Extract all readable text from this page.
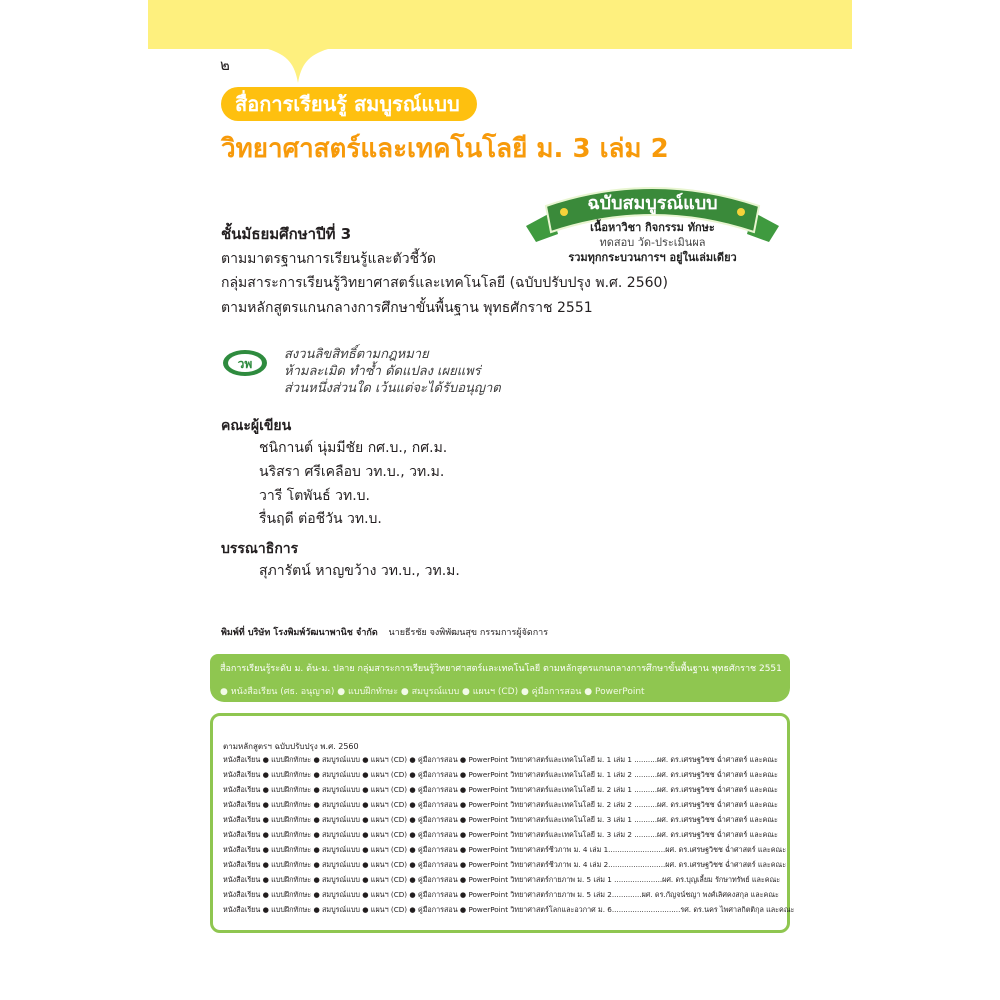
๒
สื่อการเรียนรู้ สมบูรณ์แบบ
วิทยาศาสตร์และเทคโนโลยี ม. 3 เล่ม 2
ฉบับสมบูรณ์แบบ
เนื้อหาวิชา กิจกรรม ทักษะ
ทดสอบ วัด-ประเมินผล
รวมทุกกระบวนการฯ อยู่ในเล่มเดียว
ชั้นมัธยมศึกษาปีที่ 3
ตามมาตรฐานการเรียนรู้และตัวชี้วัด
กลุ่มสาระการเรียนรู้วิทยาศาสตร์และเทคโนโลยี (ฉบับปรับปรุง พ.ศ. 2560)
ตามหลักสูตรแกนกลางการศึกษาขั้นพื้นฐาน พุทธศักราช 2551
วพ
สงวนลิขสิทธิ์ตามกฎหมาย
ห้ามละเมิด ทำซ้ำ ดัดแปลง เผยแพร่
ส่วนหนึ่งส่วนใด เว้นแต่จะได้รับอนุญาต
คณะผู้เขียน
ชนิกานต์ นุ่มมีชัย กศ.บ., กศ.ม.
นริสรา ศรีเคลือบ วท.บ., วท.ม.
วารี โตพันธ์ วท.บ.
รื่นฤดี ต่อชีวัน วท.บ.
บรรณาธิการ
สุภารัตน์ หาญขว้าง วท.บ., วท.ม.
พิมพ์ที่ บริษัท โรงพิมพ์วัฒนาพานิช จำกัด นายธีรชัย จงพิพัฒนสุข กรรมการผู้จัดการ
สื่อการเรียนรู้ระดับ ม. ต้น-ม. ปลาย กลุ่มสาระการเรียนรู้วิทยาศาสตร์และเทคโนโลยี ตามหลักสูตรแกนกลางการศึกษาขั้นพื้นฐาน พุทธศักราช 2551
● หนังสือเรียน (ศธ. อนุญาต) ● แบบฝึกทักษะ ● สมบูรณ์แบบ ● แผนฯ (CD) ● คู่มือการสอน ● PowerPoint
ตามหลักสูตรฯ ฉบับปรับปรุง พ.ศ. 2560
หนังสือเรียน ● แบบฝึกทักษะ ● สมบูรณ์แบบ ● แผนฯ (CD) ● คู่มือการสอน ● PowerPoint วิทยาศาสตร์และเทคโนโลยี ม. 1 เล่ม 1 ..........ผศ. ดร.เศรษฐวิชช ฉ่ำศาสตร์ และคณะ
หนังสือเรียน ● แบบฝึกทักษะ ● สมบูรณ์แบบ ● แผนฯ (CD) ● คู่มือการสอน ● PowerPoint วิทยาศาสตร์และเทคโนโลยี ม. 1 เล่ม 2 ..........ผศ. ดร.เศรษฐวิชช ฉ่ำศาสตร์ และคณะ
หนังสือเรียน ● แบบฝึกทักษะ ● สมบูรณ์แบบ ● แผนฯ (CD) ● คู่มือการสอน ● PowerPoint วิทยาศาสตร์และเทคโนโลยี ม. 2 เล่ม 1 ..........ผศ. ดร.เศรษฐวิชช ฉ่ำศาสตร์ และคณะ
หนังสือเรียน ● แบบฝึกทักษะ ● สมบูรณ์แบบ ● แผนฯ (CD) ● คู่มือการสอน ● PowerPoint วิทยาศาสตร์และเทคโนโลยี ม. 2 เล่ม 2 ..........ผศ. ดร.เศรษฐวิชช ฉ่ำศาสตร์ และคณะ
หนังสือเรียน ● แบบฝึกทักษะ ● สมบูรณ์แบบ ● แผนฯ (CD) ● คู่มือการสอน ● PowerPoint วิทยาศาสตร์และเทคโนโลยี ม. 3 เล่ม 1 ..........ผศ. ดร.เศรษฐวิชช ฉ่ำศาสตร์ และคณะ
หนังสือเรียน ● แบบฝึกทักษะ ● สมบูรณ์แบบ ● แผนฯ (CD) ● คู่มือการสอน ● PowerPoint วิทยาศาสตร์และเทคโนโลยี ม. 3 เล่ม 2 ..........ผศ. ดร.เศรษฐวิชช ฉ่ำศาสตร์ และคณะ
หนังสือเรียน ● แบบฝึกทักษะ ● สมบูรณ์แบบ ● แผนฯ (CD) ● คู่มือการสอน ● PowerPoint วิทยาศาสตร์ชีวภาพ ม. 4 เล่ม 1.........................ผศ. ดร.เศรษฐวิชช ฉ่ำศาสตร์ และคณะ
หนังสือเรียน ● แบบฝึกทักษะ ● สมบูรณ์แบบ ● แผนฯ (CD) ● คู่มือการสอน ● PowerPoint วิทยาศาสตร์ชีวภาพ ม. 4 เล่ม 2.........................ผศ. ดร.เศรษฐวิชช ฉ่ำศาสตร์ และคณะ
หนังสือเรียน ● แบบฝึกทักษะ ● สมบูรณ์แบบ ● แผนฯ (CD) ● คู่มือการสอน ● PowerPoint วิทยาศาสตร์กายภาพ ม. 5 เล่ม 1 .....................ผศ. ดร.บุญเลี้ยม รักษาทรัพย์ และคณะ
หนังสือเรียน ● แบบฝึกทักษะ ● สมบูรณ์แบบ ● แผนฯ (CD) ● คู่มือการสอน ● PowerPoint วิทยาศาสตร์กายภาพ ม. 5 เล่ม 2.............ผศ. ดร.กัญจน์ชญา พงศ์เลิศคงสกุล และคณะ
หนังสือเรียน ● แบบฝึกทักษะ ● สมบูรณ์แบบ ● แผนฯ (CD) ● คู่มือการสอน ● PowerPoint วิทยาศาสตร์โลกและอวกาศ ม. 6..............................รศ. ดร.นคร ไพศาลกิตติกุล และคณะ
